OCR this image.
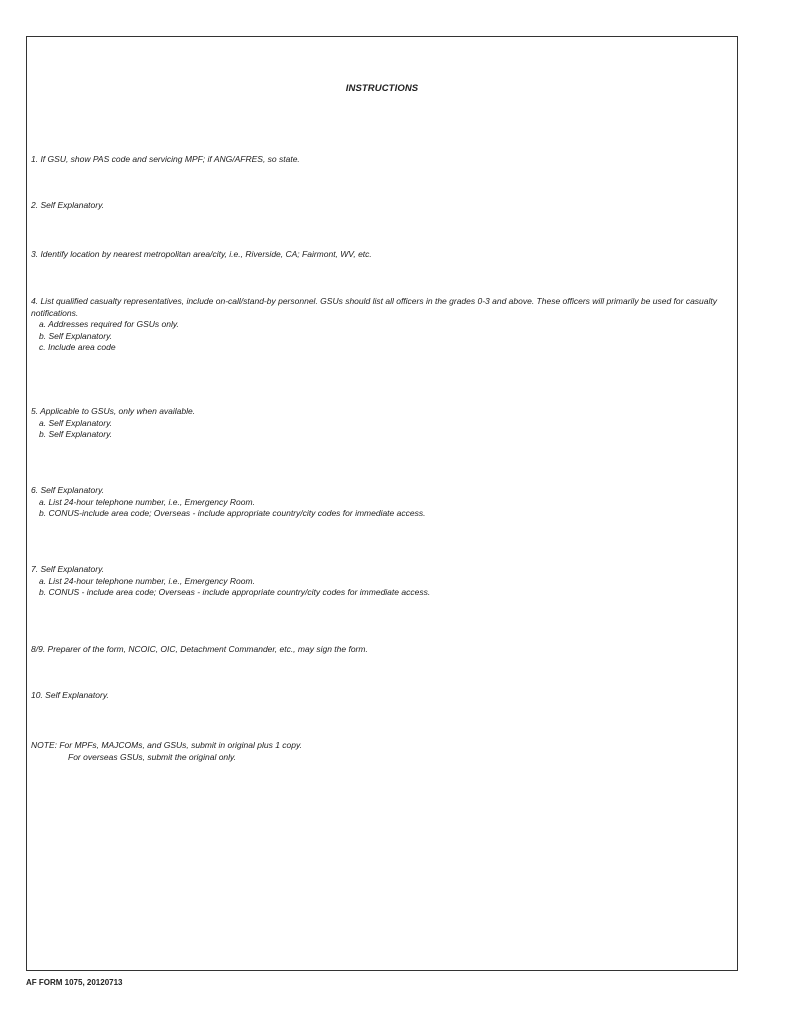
INSTRUCTIONS
1. If GSU, show PAS code and servicing MPF; if ANG/AFRES, so state.
2. Self Explanatory.
3. Identify location by nearest metropolitan area/city, i.e., Riverside, CA; Fairmont, WV, etc.
4. List qualified casualty representatives, include on-call/stand-by personnel. GSUs should list all officers in the grades 0-3 and above. These officers will primarily be used for casualty notifications.
a. Addresses required for GSUs only.
b. Self Explanatory.
c. Include area code
5. Applicable to GSUs, only when available.
a. Self Explanatory.
b. Self Explanatory.
6. Self Explanatory.
a. List 24-hour telephone number, i.e., Emergency Room.
b. CONUS-include area code; Overseas - include appropriate country/city codes for immediate access.
7. Self Explanatory.
a. List 24-hour telephone number, i.e., Emergency Room.
b. CONUS - include area code; Overseas - include appropriate country/city codes for immediate access.
8/9. Preparer of the form, NCOIC, OIC, Detachment Commander, etc., may sign the form.
10. Self Explanatory.
NOTE: For MPFs, MAJCOMs, and GSUs, submit in original plus 1 copy.
For overseas GSUs, submit the original only.
AF FORM 1075, 20120713
